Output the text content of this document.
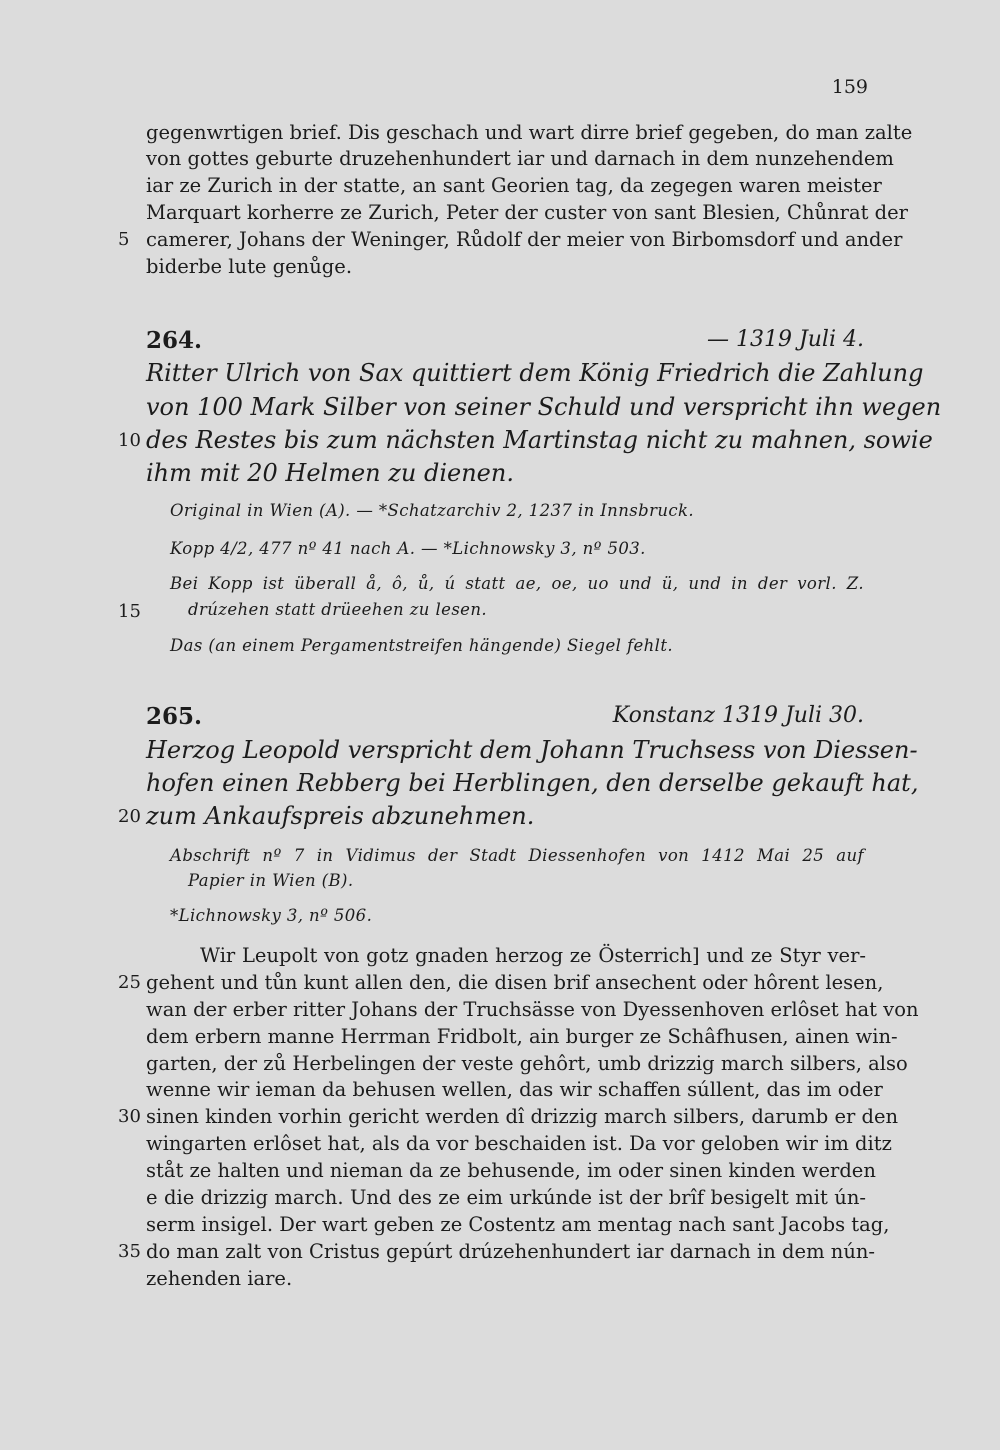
159
gegenwrtigen brief. Dis geschach und wart dirre brief gegeben, do man zalte
von gottes geburte druzehenhundert iar und darnach in dem nunzehendem
iar ze Zurich in der statte, an sant Georien tag, da zegegen waren meister
Marquart korherre ze Zurich, Peter der custer von sant Blesien, Chůnrat der
5 camerer, Johans der Weninger, Růdolf der meier von Birbomsdorf und ander
biderbe lute genůge.
264.	— 1319 Juli 4.
Ritter Ulrich von Sax quittiert dem König Friedrich die Zahlung
von 100 Mark Silber von seiner Schuld und verspricht ihn wegen
10 des Restes bis zum nächsten Martinstag nicht zu mahnen, sowie
ihm mit 20 Helmen zu dienen.
Original in Wien (A). — *Schatzarchiv 2, 1237 in Innsbruck.
Kopp 4/2, 477 nº 41 nach A. — *Lichnowsky 3, nº 503.
Bei Kopp ist überall å, ô, ů, ú statt ae, oe, uo und ü, und in der vorl. Z.
15	drúzehen statt drüeehen zu lesen.
Das (an einem Pergamentstreifen hängende) Siegel fehlt.
265.	Konstanz 1319 Juli 30.
Herzog Leopold verspricht dem Johann Truchsess von Diessen-
hofen einen Rebberg bei Herblingen, den derselbe gekauft hat,
20 zum Ankaufspreis abzunehmen.
Abschrift nº 7 in Vidimus der Stadt Diessenhofen von 1412 Mai 25 auf
Papier in Wien (B).
*Lichnowsky 3, nº 506.
Wir Leupolt von gotz gnaden herzog ze Österrich] und ze Styr ver-
25 gehent und tůn kunt allen den, die disen brif ansechent oder hôrent lesen,
wan der erber ritter Johans der Truchsässe von Dyessenhoven erlôset hat von
dem erbern manne Herrman Fridbolt, ain burger ze Schâfhusen, ainen win-
garten, der zů Herbelingen der veste gehôrt, umb drizzig march silbers, also
wenne wir ieman da behusen wellen, das wir schaffen súllent, das im oder
30 sinen kinden vorhin gericht werden dî drizzig march silbers, darumb er den
wingarten erlôset hat, als da vor beschaiden ist. Da vor geloben wir im ditz
ståt ze halten und nieman da ze behusende, im oder sinen kinden werden
e die drizzig march. Und des ze eim urkúnde ist der brîf besigelt mit ún-
serm insigel. Der wart geben ze Costentz am mentag nach sant Jacobs tag,
35 do man zalt von Cristus gepúrt drúzehenhundert iar darnach in dem nún-
zehenden iare.
